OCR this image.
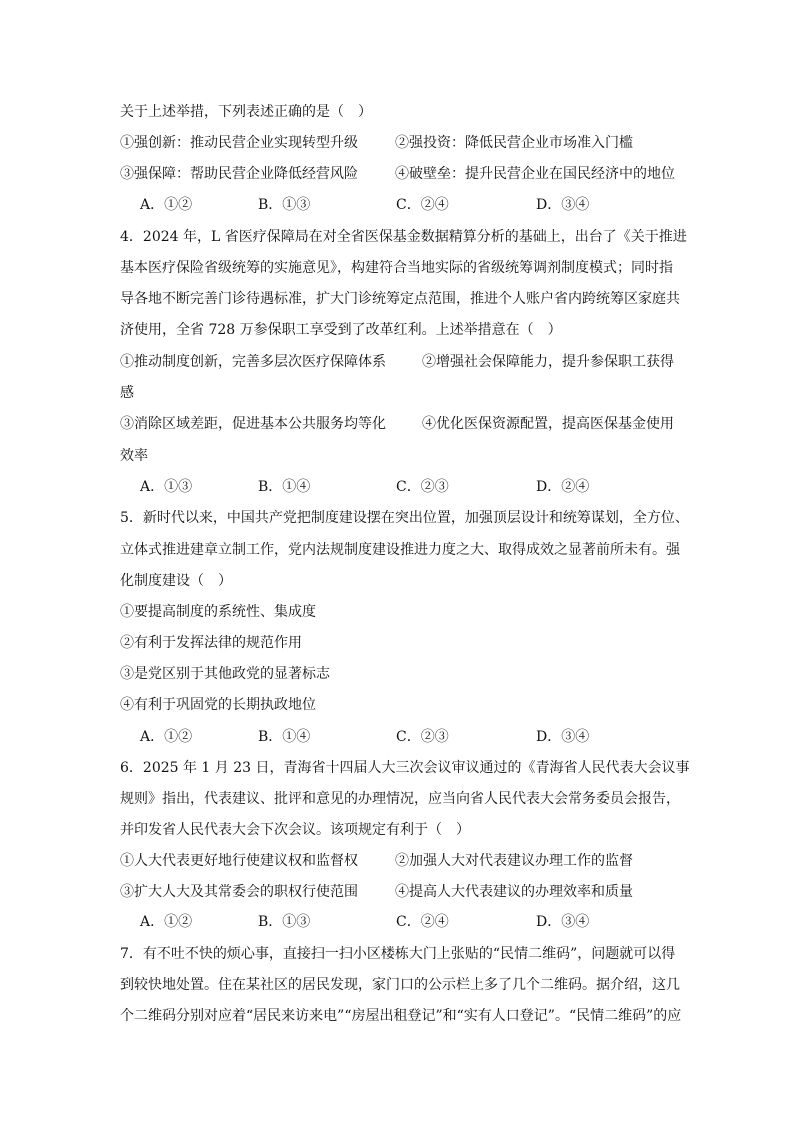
关于上述举措，下列表述正确的是（　）
①强创新：推动民营企业实现转型升级	②强投资：降低民营企业市场准入门槛
③强保障：帮助民营企业降低经营风险	④破壁垒：提升民营企业在国民经济中的地位
A．①②	B．①③	C．②④	D．③④
4．2024 年，L 省医疗保障局在对全省医保基金数据精算分析的基础上，出台了《关于推进
基本医疗保险省级统筹的实施意见》，构建符合当地实际的省级统筹调剂制度模式；同时指
导各地不断完善门诊待遇标准，扩大门诊统筹定点范围，推进个人账户省内跨统筹区家庭共
济使用，全省 728 万参保职工享受到了改革红利。上述举措意在（　）
①推动制度创新，完善多层次医疗保障体系	②增强社会保障能力，提升参保职工获得
感
③消除区域差距，促进基本公共服务均等化	④优化医保资源配置，提高医保基金使用
效率
A．①③	B．①④	C．②③	D．②④
5．新时代以来，中国共产党把制度建设摆在突出位置，加强顶层设计和统筹谋划，全方位、
立体式推进建章立制工作，党内法规制度建设推进力度之大、取得成效之显著前所未有。强
化制度建设（　）
①要提高制度的系统性、集成度
②有利于发挥法律的规范作用
③是党区别于其他政党的显著标志
④有利于巩固党的长期执政地位
A．①②	B．①④	C．②③	D．③④
6．2025 年 1 月 23 日，青海省十四届人大三次会议审议通过的《青海省人民代表大会议事
规则》指出，代表建议、批评和意见的办理情况，应当向省人民代表大会常务委员会报告，
并印发省人民代表大会下次会议。该项规定有利于（　）
①人大代表更好地行使建议权和监督权	②加强人大对代表建议办理工作的监督
③扩大人大及其常委会的职权行使范围	④提高人大代表建议的办理效率和质量
A．①②	B．①③	C．②④	D．③④
7．有不吐不快的烦心事，直接扫一扫小区楼栋大门上张贴的“民情二维码”，问题就可以得
到较快地处置。住在某社区的居民发现，家门口的公示栏上多了几个二维码。据介绍，这几
个二维码分别对应着“居民来访来电”“房屋出租登记”和“实有人口登记”。“民情二维码”的应
